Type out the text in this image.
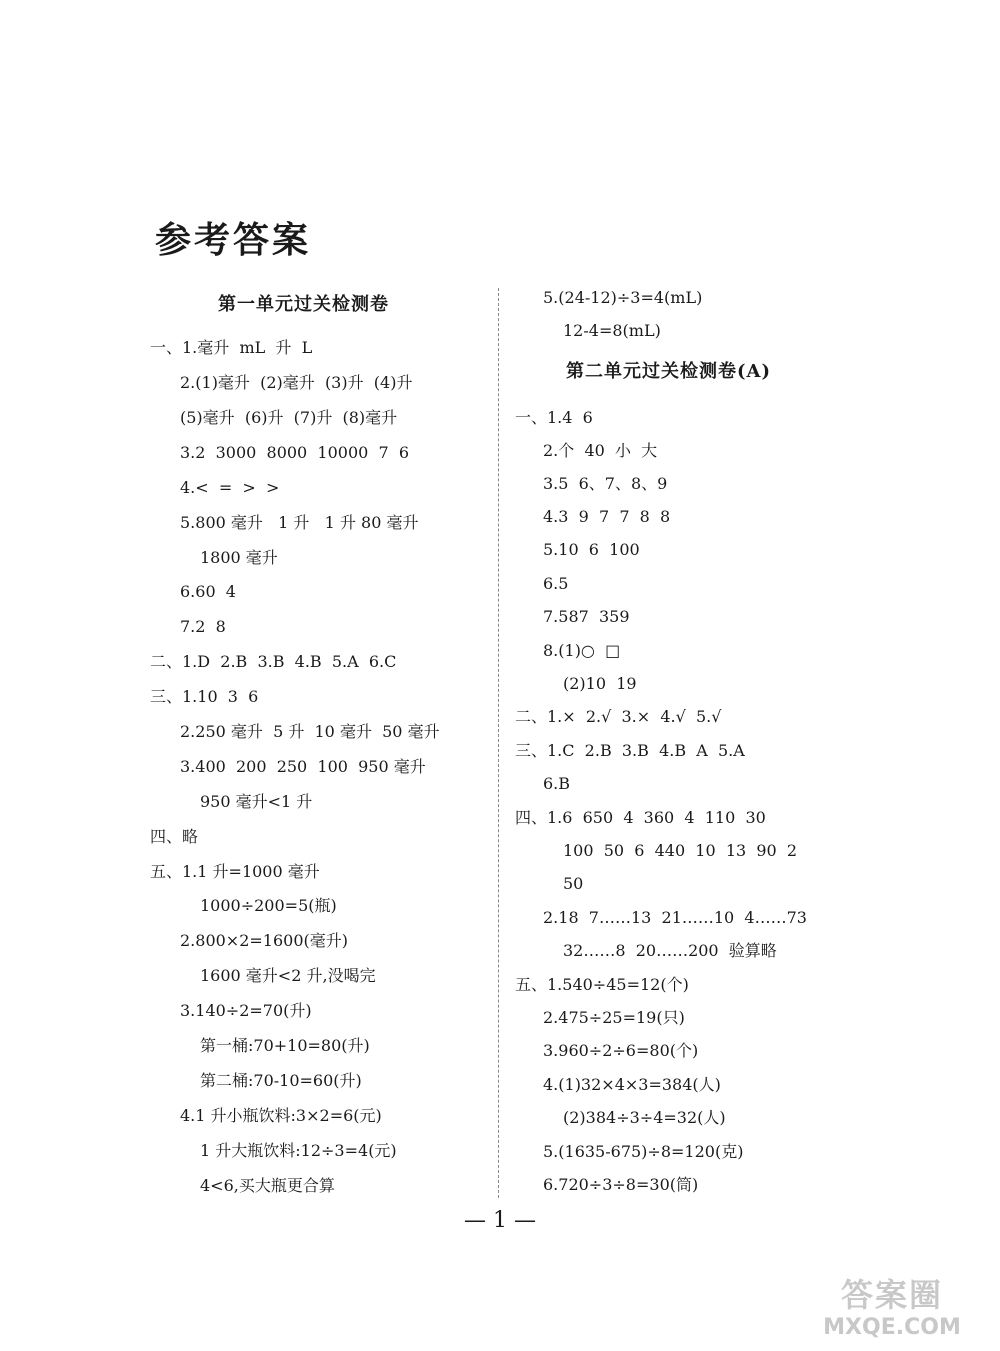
参考答案
第一单元过关检测卷
一、1.毫升  mL  升  L
2.(1)毫升  (2)毫升  (3)升  (4)升
(5)毫升  (6)升  (7)升  (8)毫升
3.2  3000  8000  10000  7  6
4.<  =  >  >
5.800 毫升   1 升   1 升 80 毫升
1800 毫升
6.60  4
7.2  8
二、1.D  2.B  3.B  4.B  5.A  6.C
三、1.10  3  6
2.250 毫升  5 升  10 毫升  50 毫升
3.400  200  250  100  950 毫升
950 毫升<1 升
四、略
五、1.1 升=1000 毫升
1000÷200=5(瓶)
2.800×2=1600(毫升)
1600 毫升<2 升,没喝完
3.140÷2=70(升)
第一桶:70+10=80(升)
第二桶:70-10=60(升)
4.1 升小瓶饮料:3×2=6(元)
1 升大瓶饮料:12÷3=4(元)
4<6,买大瓶更合算
5.(24-12)÷3=4(mL)
12-4=8(mL)
第二单元过关检测卷(A)
一、1.4  6
2.个  40  小  大
3.5  6、7、8、9
4.3  9  7  7  8  8
5.10  6  100
6.5
7.587  359
8.(1)○  □
(2)10  19
二、1.×  2.√  3.×  4.√  5.√
三、1.C  2.B  3.B  4.B  A  5.A
6.B
四、1.6  650  4  360  4  110  30
100  50  6  440  10  13  90  2
50
2.18  7……13  21……10  4……73
32……8  20……200  验算略
五、1.540÷45=12(个)
2.475÷25=19(只)
3.960÷2÷6=80(个)
4.(1)32×4×3=384(人)
(2)384÷3÷4=32(人)
5.(1635-675)÷8=120(克)
6.720÷3÷8=30(筒)
— 1 —
答案圈
MXQE.COM
